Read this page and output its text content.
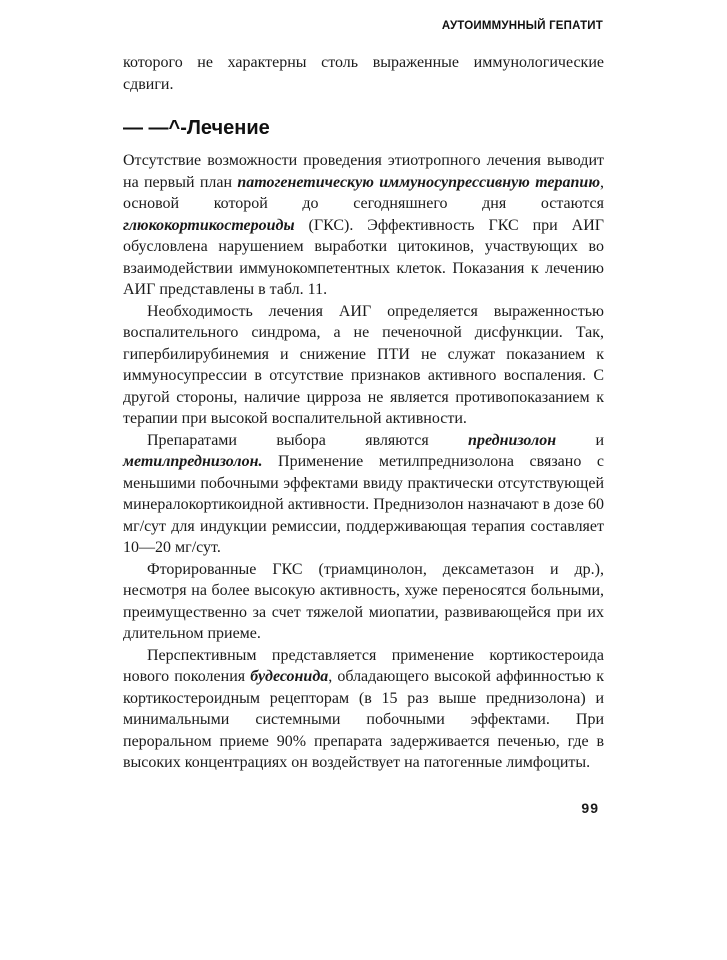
АУТОИММУННЫЙ ГЕПАТИТ

которого не характерны столь выраженные иммунологические сдвиги.

— —^-Лечение

Отсутствие возможности проведения этиотропного лечения выводит на первый план патогенетическую иммуносупрессивную терапию, основой которой до сегодняшнего дня остаются глюкокортикостероиды (ГКС). Эффективность ГКС при АИГ обусловлена нарушением выработки цитокинов, участвующих во взаимодействии иммунокомпетентных клеток. Показания к лечению АИГ представлены в табл. 11.

Необходимость лечения АИГ определяется выраженностью воспалительного синдрома, а не печеночной дисфункции. Так, гипербилирубинемия и снижение ПТИ не служат показанием к иммуносупрессии в отсутствие признаков активного воспаления. С другой стороны, наличие цирроза не является противопоказанием к терапии при высокой воспалительной активности.

Препаратами выбора являются преднизолон и метилпреднизолон. Применение метилпреднизолона связано с меньшими побочными эффектами ввиду практически отсутствующей минералокортикоидной активности. Преднизолон назначают в дозе 60 мг/сут для индукции ремиссии, поддерживающая терапия составляет 10—20 мг/сут.

Фторированные ГКС (триамцинолон, дексаметазон и др.), несмотря на более высокую активность, хуже переносятся больными, преимущественно за счет тяжелой миопатии, развивающейся при их длительном приеме.

Перспективным представляется применение кортикостероида нового поколения будесонида, обладающего высокой аффинностью к кортикостероидным рецепторам (в 15 раз выше преднизолона) и минимальными системными побочными эффектами. При пероральном приеме 90% препарата задерживается печенью, где в высоких концентрациях он воздействует на патогенные лимфоциты.

99
